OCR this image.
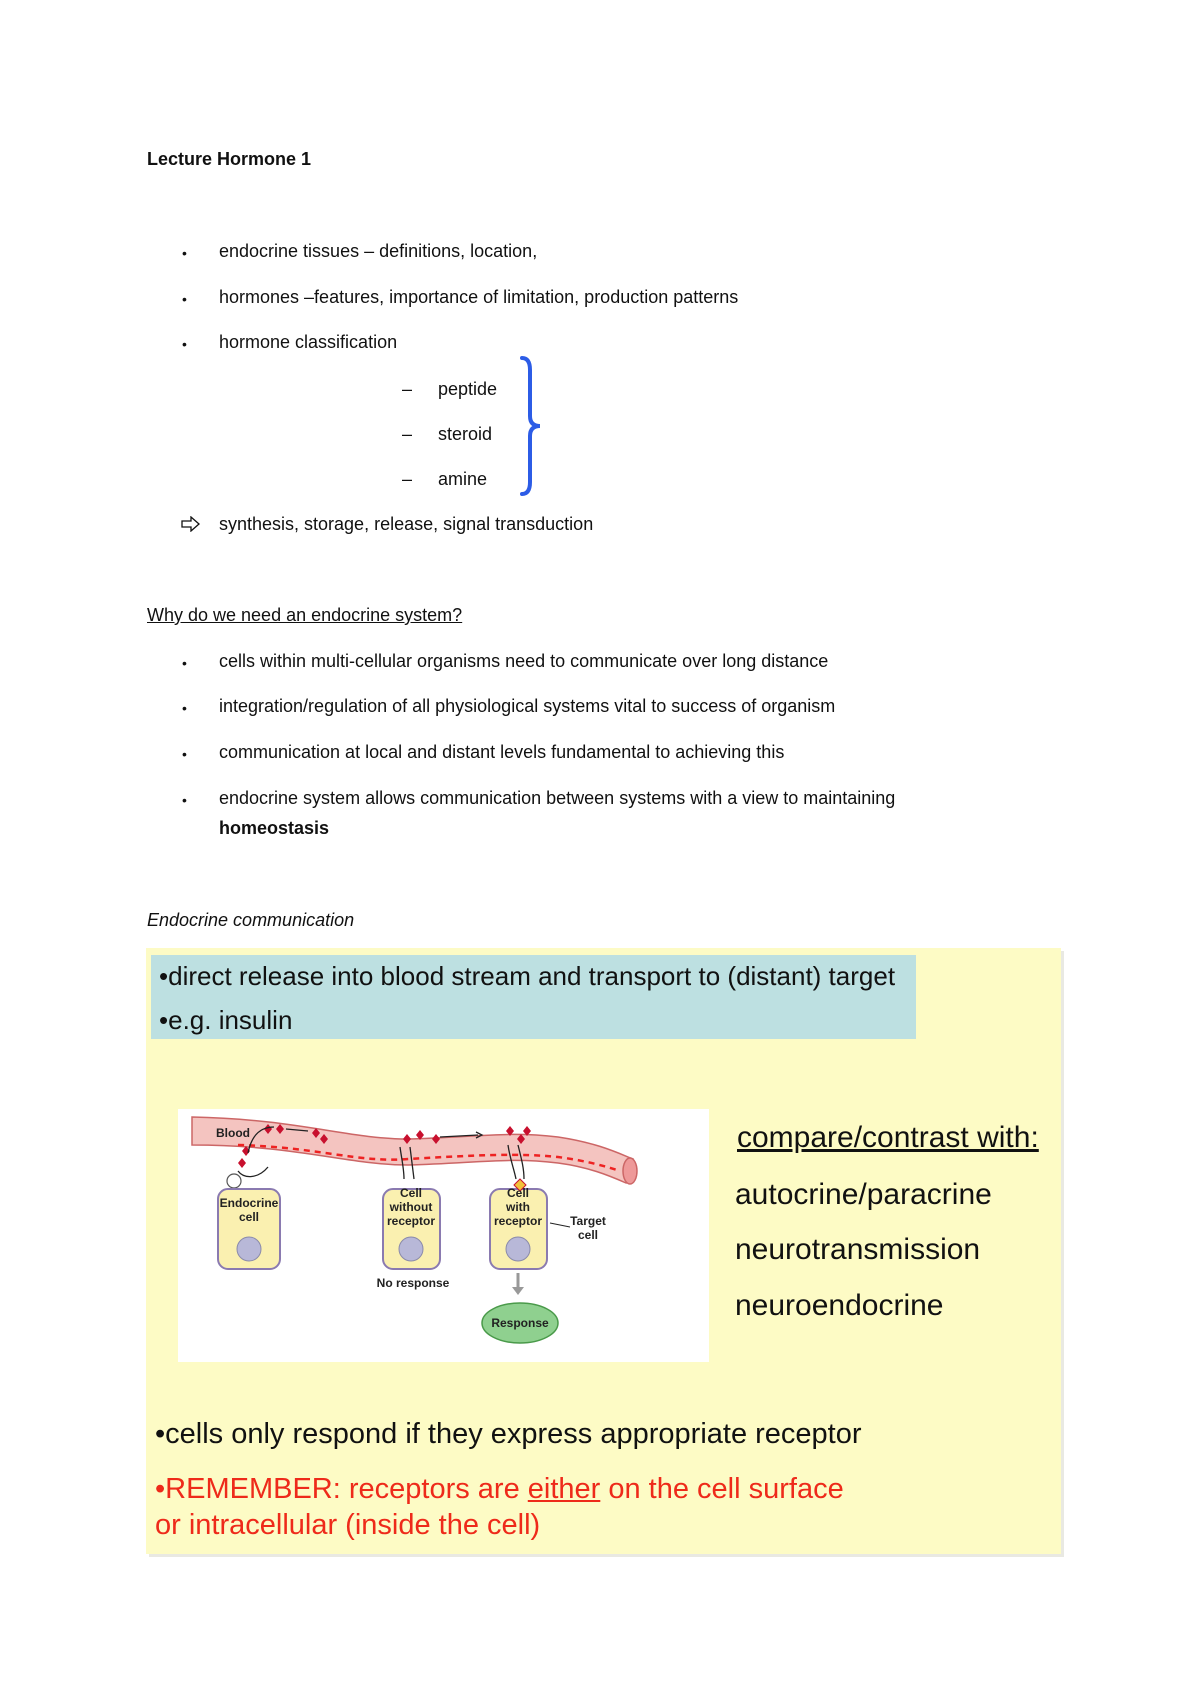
Lecture Hormone 1
• endocrine tissues – definitions, location,
• hormones –features, importance of limitation, production patterns
• hormone classification
– peptide
– steroid
– amine
synthesis, storage, release, signal transduction
Why do we need an endocrine system?
• cells within multi-cellular organisms need to communicate over long distance
• integration/regulation of all physiological systems vital to success of organism
• communication at local and distant levels fundamental to achieving this
• endocrine system allows communication between systems with a view to maintaining
homeostasis
Endocrine communication
•direct release into blood stream and transport to (distant) target
•e.g. insulin
Blood
Endocrine
cell
Cell
without
receptor
Cell
with
receptor Target
cell
No response
Response
compare/contrast with:
autocrine/paracrine
neurotransmission
neuroendocrine
•cells only respond if they express appropriate receptor
•REMEMBER: receptors are either on the cell surface
or intracellular (inside the cell)
